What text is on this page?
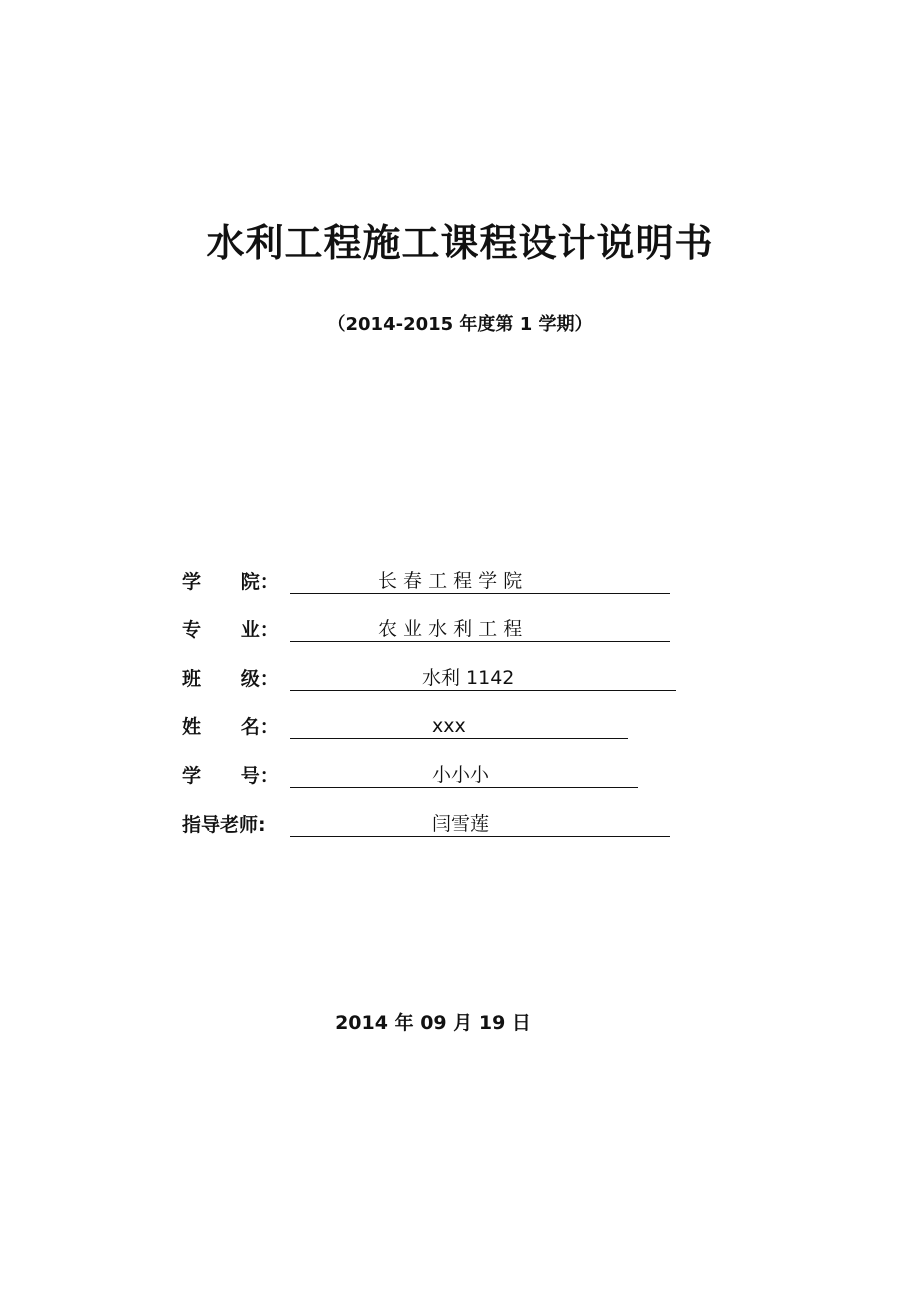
水利工程施工课程设计说明书
（2014-2015 年度第 1 学期）
学      院：	长 春 工 程 学 院
专      业：	农 业 水 利 工 程
班      级：	水利 1142
姓      名：	xxx
学      号：	小小小
指导老师:	闫雪莲
2014 年 09 月 19 日
